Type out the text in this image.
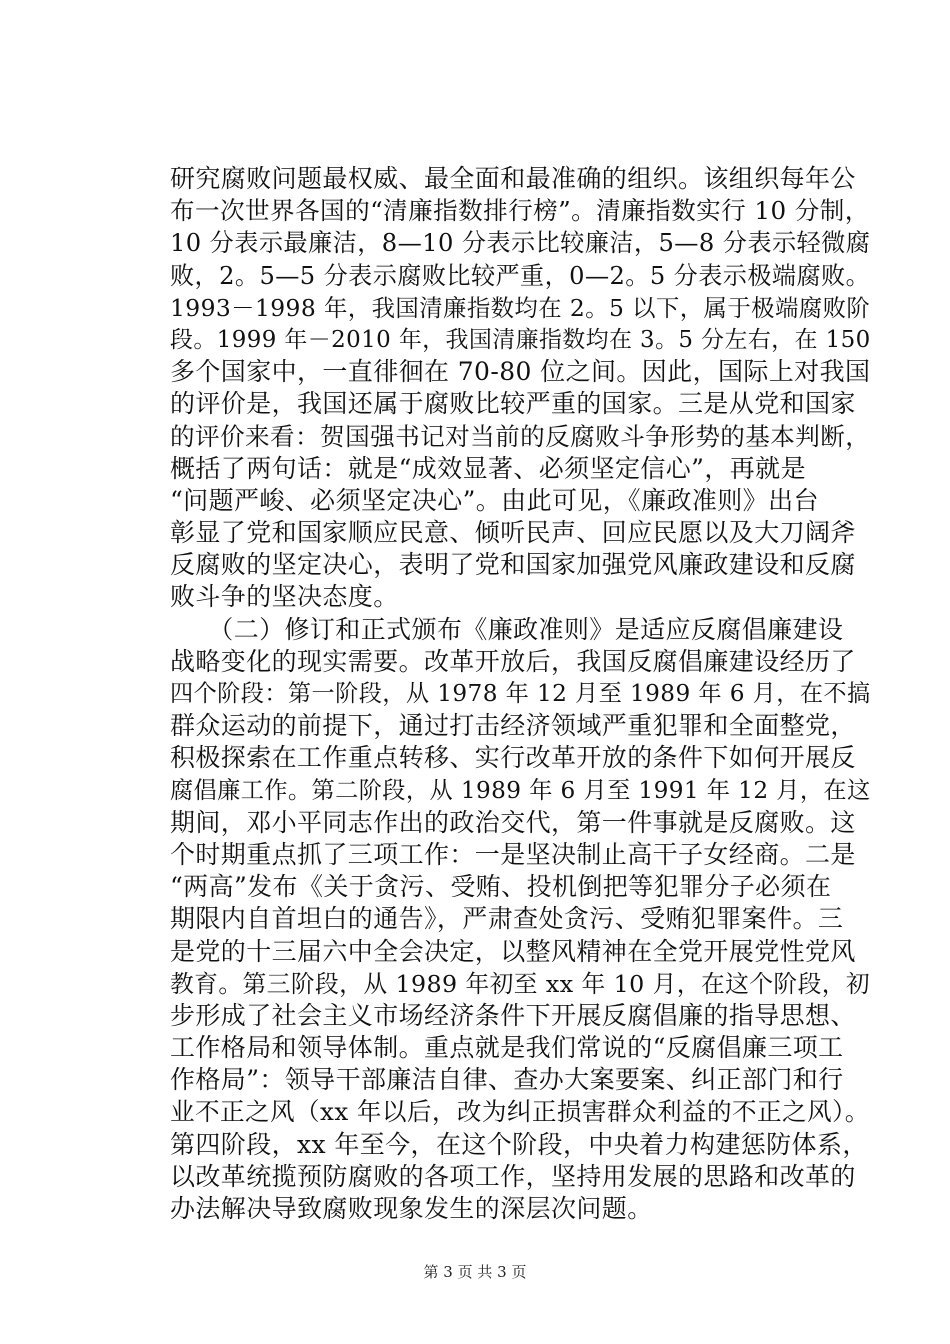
研究腐败问题最权威、最全面和最准确的组织。该组织每年公
布一次世界各国的“清廉指数排行榜”。清廉指数实行 10 分制，
10 分表示最廉洁，8—10 分表示比较廉洁，5—8 分表示轻微腐
败，2。5—5 分表示腐败比较严重，0—2。5 分表示极端腐败。
1993－1998 年，我国清廉指数均在 2。5 以下，属于极端腐败阶
段。1999 年－2010 年，我国清廉指数均在 3。5 分左右，在 150
多个国家中，一直徘徊在 70-80 位之间。因此，国际上对我国
的评价是，我国还属于腐败比较严重的国家。三是从党和国家
的评价来看：贺国强书记对当前的反腐败斗争形势的基本判断，
概括了两句话：就是“成效显著、必须坚定信心”，再就是
“问题严峻、必须坚定决心”。由此可见，《廉政准则》出台
彰显了党和国家顺应民意、倾听民声、回应民愿以及大刀阔斧
反腐败的坚定决心，表明了党和国家加强党风廉政建设和反腐
败斗争的坚决态度。
　　（二）修订和正式颁布《廉政准则》是适应反腐倡廉建设
战略变化的现实需要。改革开放后，我国反腐倡廉建设经历了
四个阶段：第一阶段，从 1978 年 12 月至 1989 年 6 月，在不搞
群众运动的前提下，通过打击经济领域严重犯罪和全面整党，
积极探索在工作重点转移、实行改革开放的条件下如何开展反
腐倡廉工作。第二阶段，从 1989 年 6 月至 1991 年 12 月，在这
期间，邓小平同志作出的政治交代，第一件事就是反腐败。这
个时期重点抓了三项工作：一是坚决制止高干子女经商。二是
“两高”发布《关于贪污、受贿、投机倒把等犯罪分子必须在
期限内自首坦白的通告》，严肃查处贪污、受贿犯罪案件。三
是党的十三届六中全会决定，以整风精神在全党开展党性党风
教育。第三阶段，从 1989 年初至 xx 年 10 月，在这个阶段，初
步形成了社会主义市场经济条件下开展反腐倡廉的指导思想、
工作格局和领导体制。重点就是我们常说的“反腐倡廉三项工
作格局”：领导干部廉洁自律、查办大案要案、纠正部门和行
业不正之风（xx 年以后，改为纠正损害群众利益的不正之风）。
第四阶段，xx 年至今，在这个阶段，中央着力构建惩防体系，
以改革统揽预防腐败的各项工作，坚持用发展的思路和改革的
办法解决导致腐败现象发生的深层次问题。
第 3 页 共 3 页
